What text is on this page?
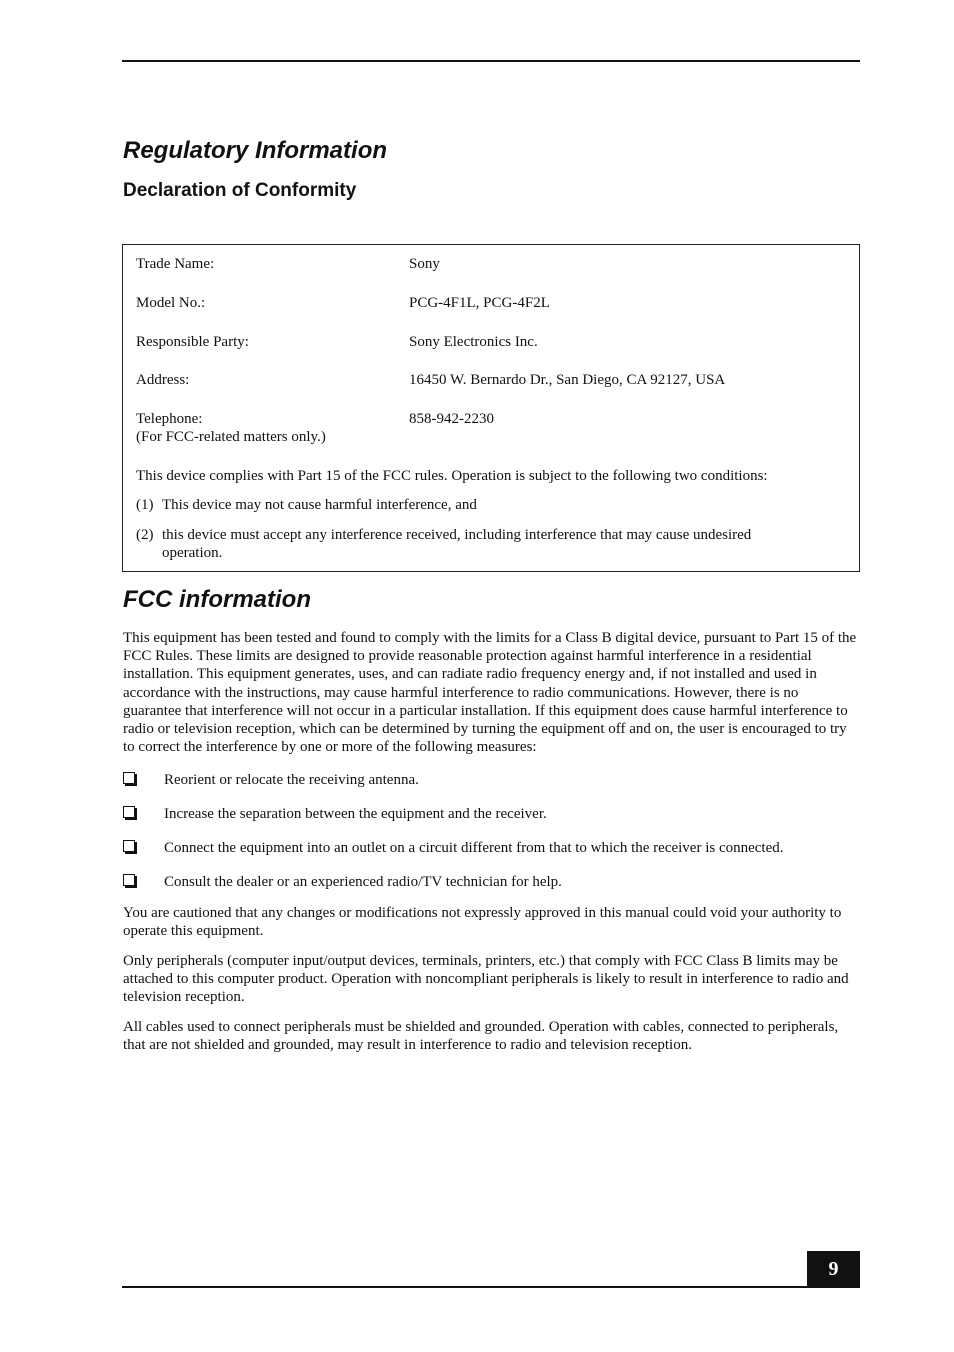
Regulatory Information
Declaration of Conformity
Trade Name:	Sony
Model No.:	PCG-4F1L, PCG-4F2L
Responsible Party:	Sony Electronics Inc.
Address:	16450 W. Bernardo Dr., San Diego, CA 92127, USA
Telephone:	858-942-2230
(For FCC-related matters only.)
This device complies with Part 15 of the FCC rules. Operation is subject to the following two conditions:
(1) This device may not cause harmful interference, and
(2) this device must accept any interference received, including interference that may cause undesired operation.
FCC information

This equipment has been tested and found to comply with the limits for a Class B digital device, pursuant to Part 15 of the FCC Rules. These limits are designed to provide reasonable protection against harmful interference in a residential installation. This equipment generates, uses, and can radiate radio frequency energy and, if not installed and used in accordance with the instructions, may cause harmful interference to radio communications. However, there is no guarantee that interference will not occur in a particular installation. If this equipment does cause harmful interference to radio or television reception, which can be determined by turning the equipment off and on, the user is encouraged to try to correct the interference by one or more of the following measures:

Reorient or relocate the receiving antenna.
Increase the separation between the equipment and the receiver.
Connect the equipment into an outlet on a circuit different from that to which the receiver is connected.
Consult the dealer or an experienced radio/TV technician for help.

You are cautioned that any changes or modifications not expressly approved in this manual could void your authority to operate this equipment.

Only peripherals (computer input/output devices, terminals, printers, etc.) that comply with FCC Class B limits may be attached to this computer product. Operation with noncompliant peripherals is likely to result in interference to radio and television reception.

All cables used to connect peripherals must be shielded and grounded. Operation with cables, connected to peripherals, that are not shielded and grounded, may result in interference to radio and television reception.

9
